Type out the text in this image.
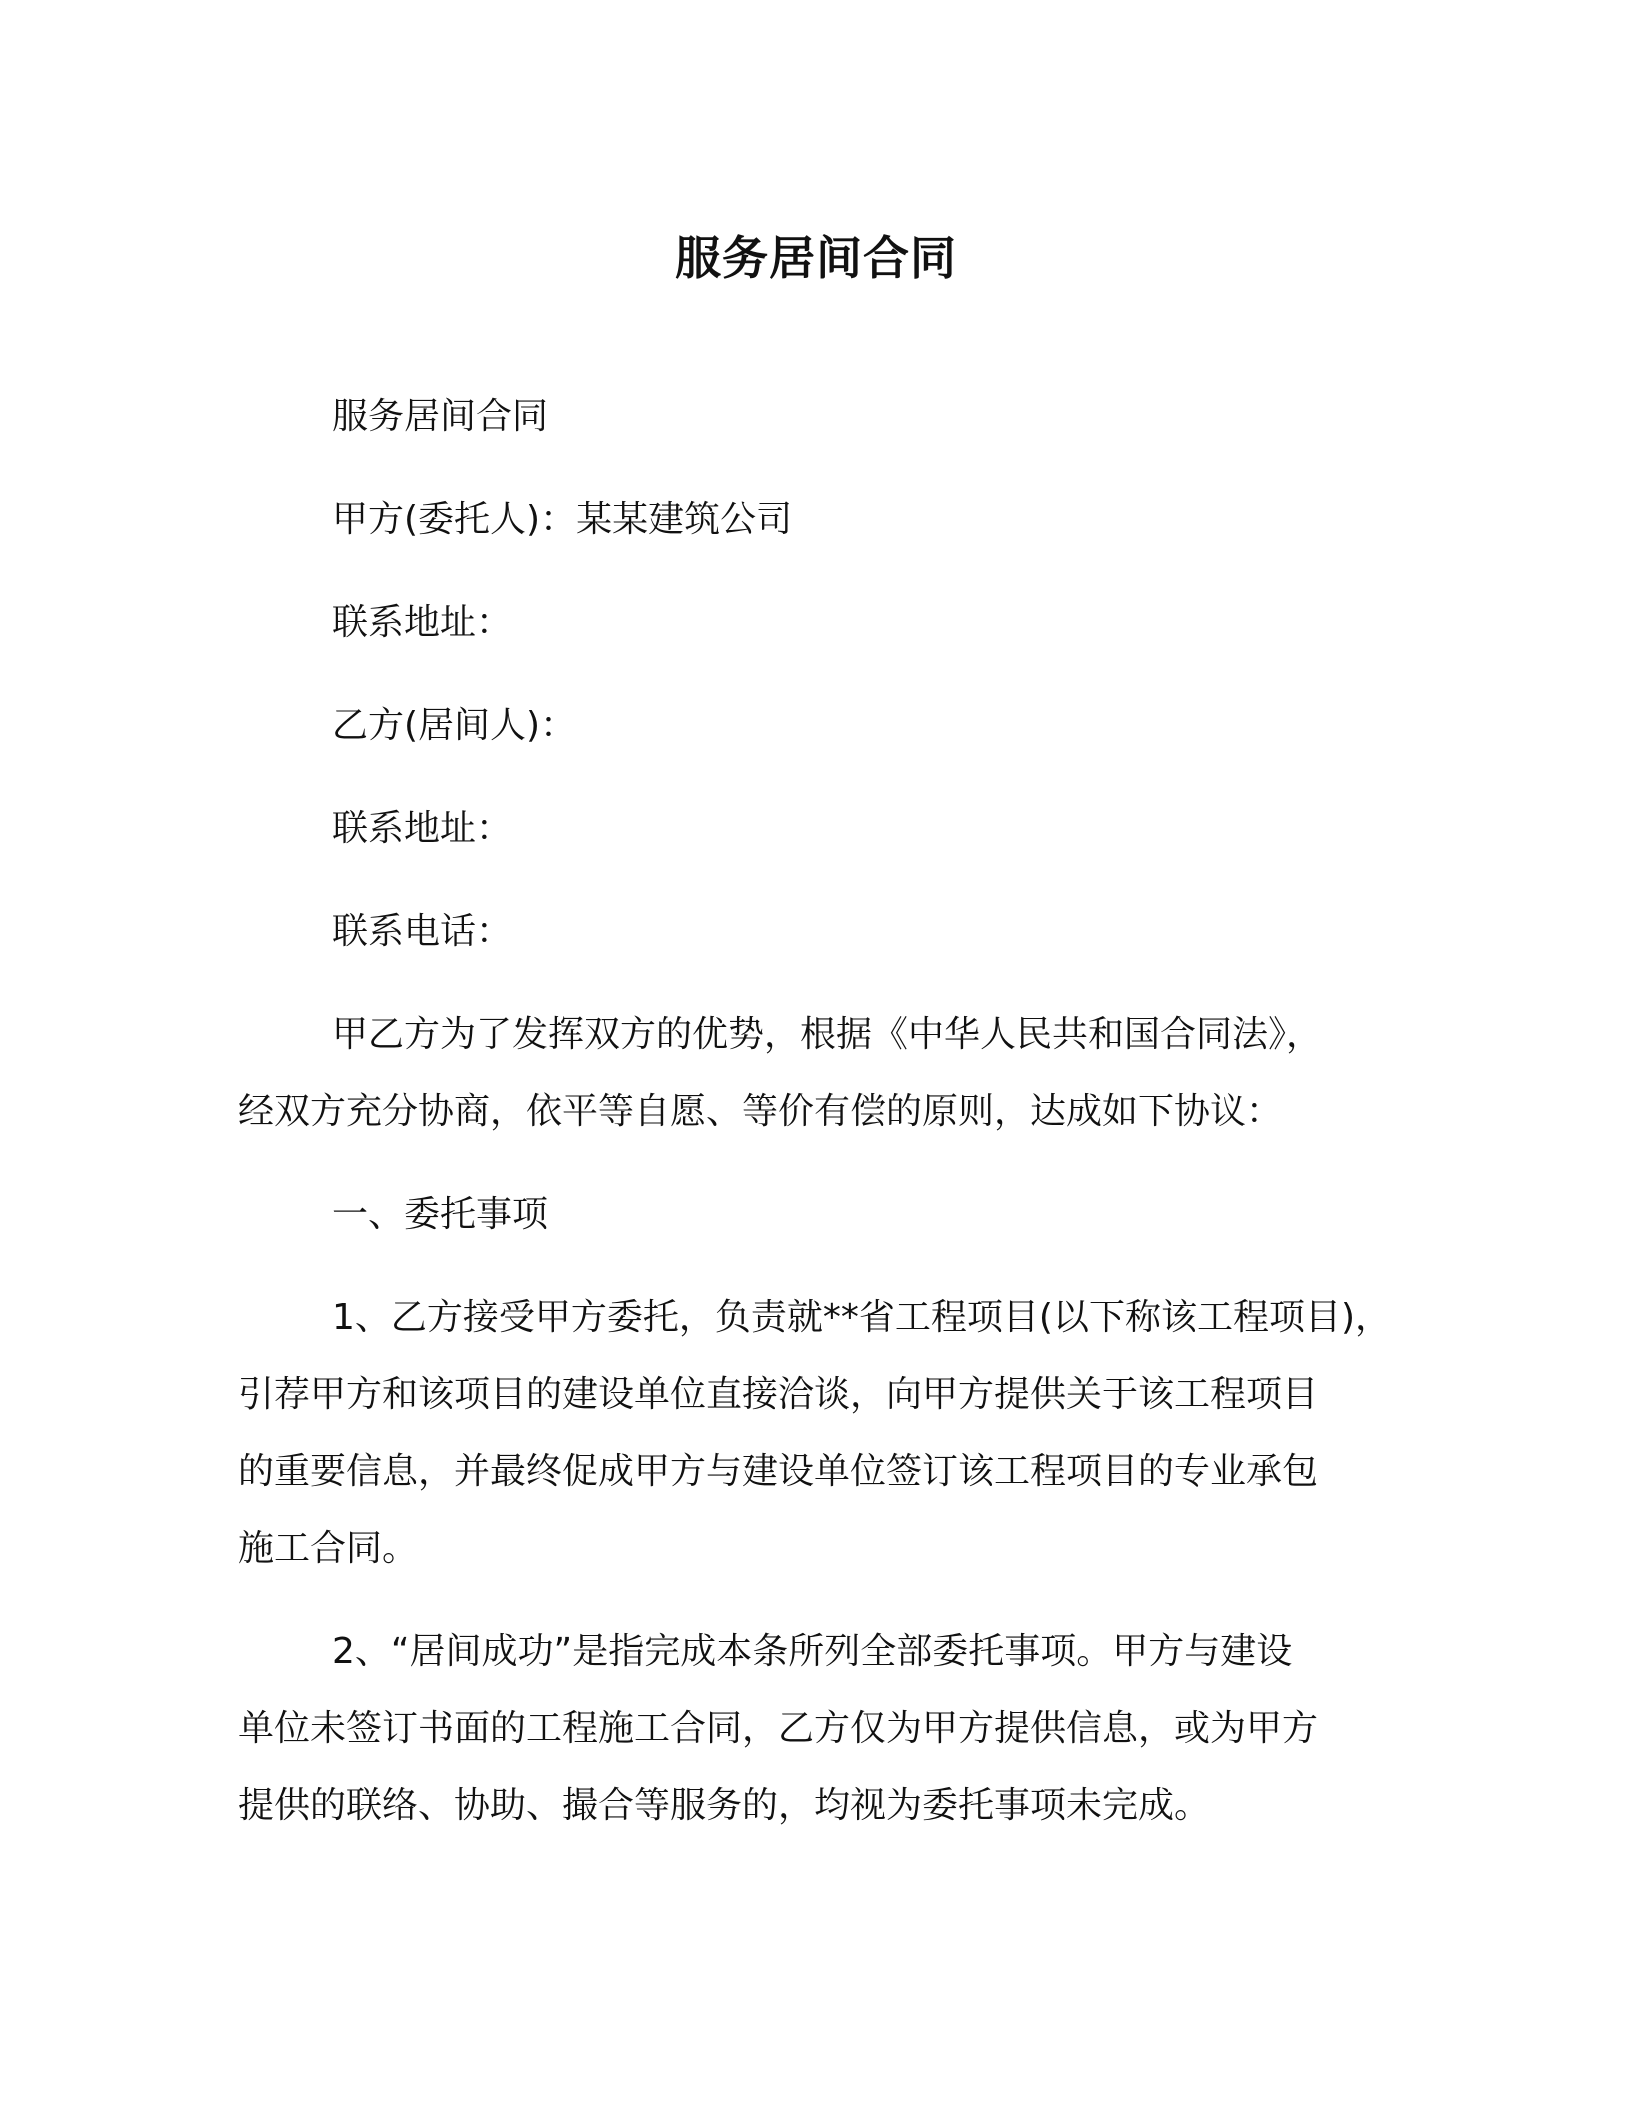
服务居间合同
服务居间合同
甲方(委托人)：某某建筑公司
联系地址：
乙方(居间人)：
联系地址：
联系电话：
甲乙方为了发挥双方的优势，根据《中华人民共和国合同法》，
经双方充分协商，依平等自愿、等价有偿的原则，达成如下协议：
一、委托事项
1、乙方接受甲方委托，负责就**省工程项目(以下称该工程项目)，
引荐甲方和该项目的建设单位直接洽谈，向甲方提供关于该工程项目
的重要信息，并最终促成甲方与建设单位签订该工程项目的专业承包
施工合同。
2、“居间成功”是指完成本条所列全部委托事项。甲方与建设
单位未签订书面的工程施工合同，乙方仅为甲方提供信息，或为甲方
提供的联络、协助、撮合等服务的，均视为委托事项未完成。
